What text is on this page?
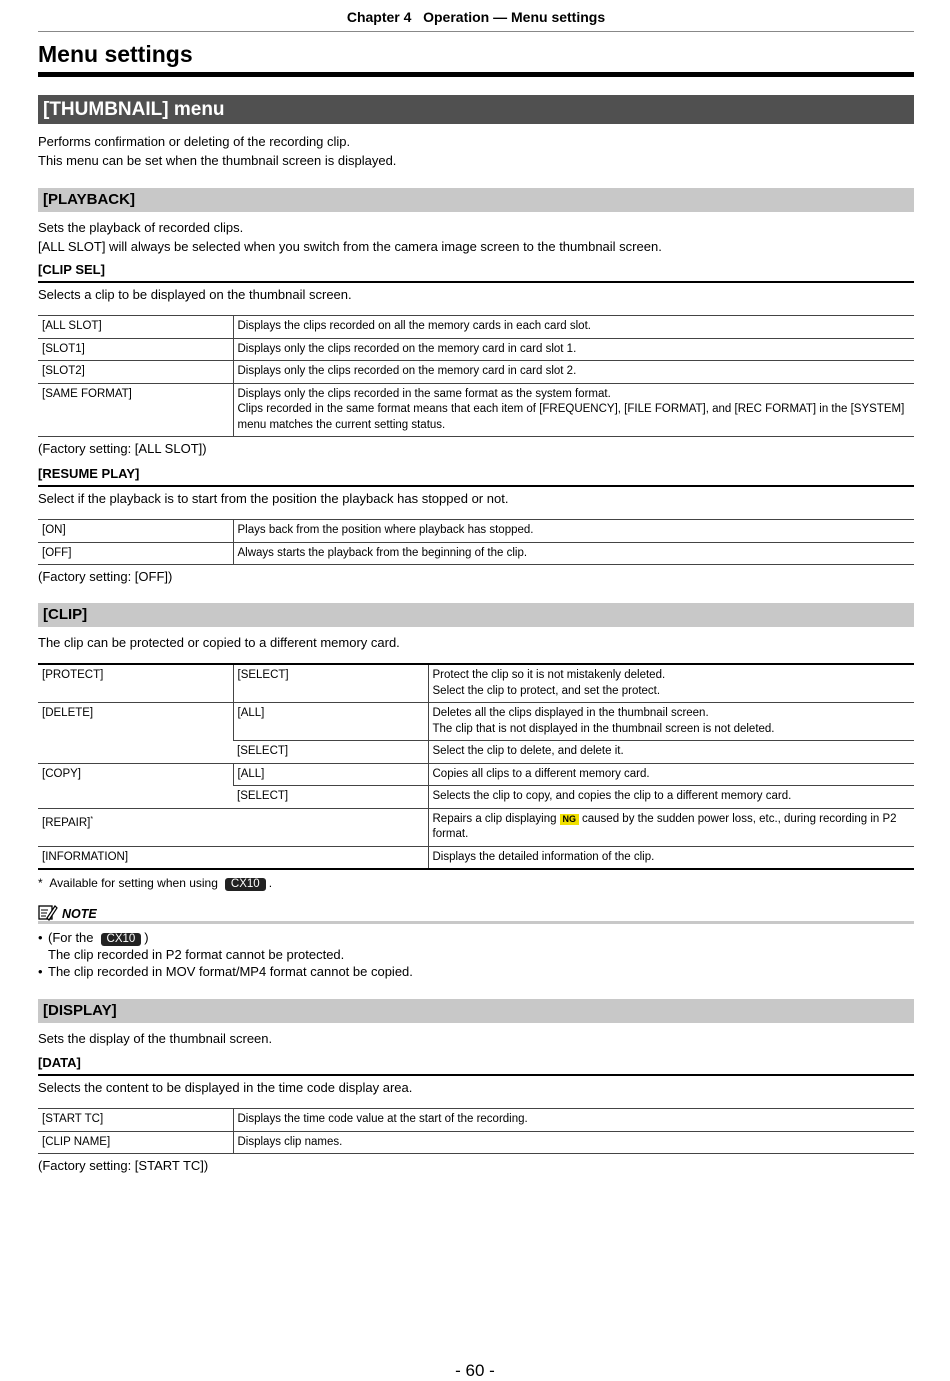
Chapter 4 Operation — Menu settings
Menu settings
[THUMBNAIL] menu
Performs confirmation or deleting of the recording clip.
This menu can be set when the thumbnail screen is displayed.
[PLAYBACK]
Sets the playback of recorded clips.
[ALL SLOT] will always be selected when you switch from the camera image screen to the thumbnail screen.
[CLIP SEL]
Selects a clip to be displayed on the thumbnail screen.
[ALL SLOT]	Displays the clips recorded on all the memory cards in each card slot.
[SLOT1]	Displays only the clips recorded on the memory card in card slot 1.
[SLOT2]	Displays only the clips recorded on the memory card in card slot 2.
[SAME FORMAT]	Displays only the clips recorded in the same format as the system format.
Clips recorded in the same format means that each item of [FREQUENCY], [FILE FORMAT], and [REC FORMAT] in the [SYSTEM] menu matches the current setting status.
(Factory setting: [ALL SLOT])
[RESUME PLAY]
Select if the playback is to start from the position the playback has stopped or not.
[ON]	Plays back from the position where playback has stopped.
[OFF]	Always starts the playback from the beginning of the clip.
(Factory setting: [OFF])
[CLIP]
The clip can be protected or copied to a different memory card.
[PROTECT]	[SELECT]	Protect the clip so it is not mistakenly deleted.
Select the clip to protect, and set the protect.

[DELETE]	[ALL]	Deletes all the clips displayed in the thumbnail screen.
The clip that is not displayed in the thumbnail screen is not deleted.

	[SELECT]	Select the clip to delete, and delete it.
[COPY]	[ALL]	Copies all clips to a different memory card.
	[SELECT]	Selects the clip to copy, and copies the clip to a different memory card.
[REPAIR]*		Repairs a clip displaying NG caused by the sudden power loss, etc., during recording in P2 format.
[INFORMATION]		Displays the detailed information of the clip.
* Available for setting when using CX10 .
NOTE
• (For the CX10 )
The clip recorded in P2 format cannot be protected.
• The clip recorded in MOV format/MP4 format cannot be copied.
[DISPLAY]
Sets the display of the thumbnail screen.
[DATA]
Selects the content to be displayed in the time code display area.
[START TC]	Displays the time code value at the start of the recording.
[CLIP NAME]	Displays clip names.
(Factory setting: [START TC])
- 60 -
